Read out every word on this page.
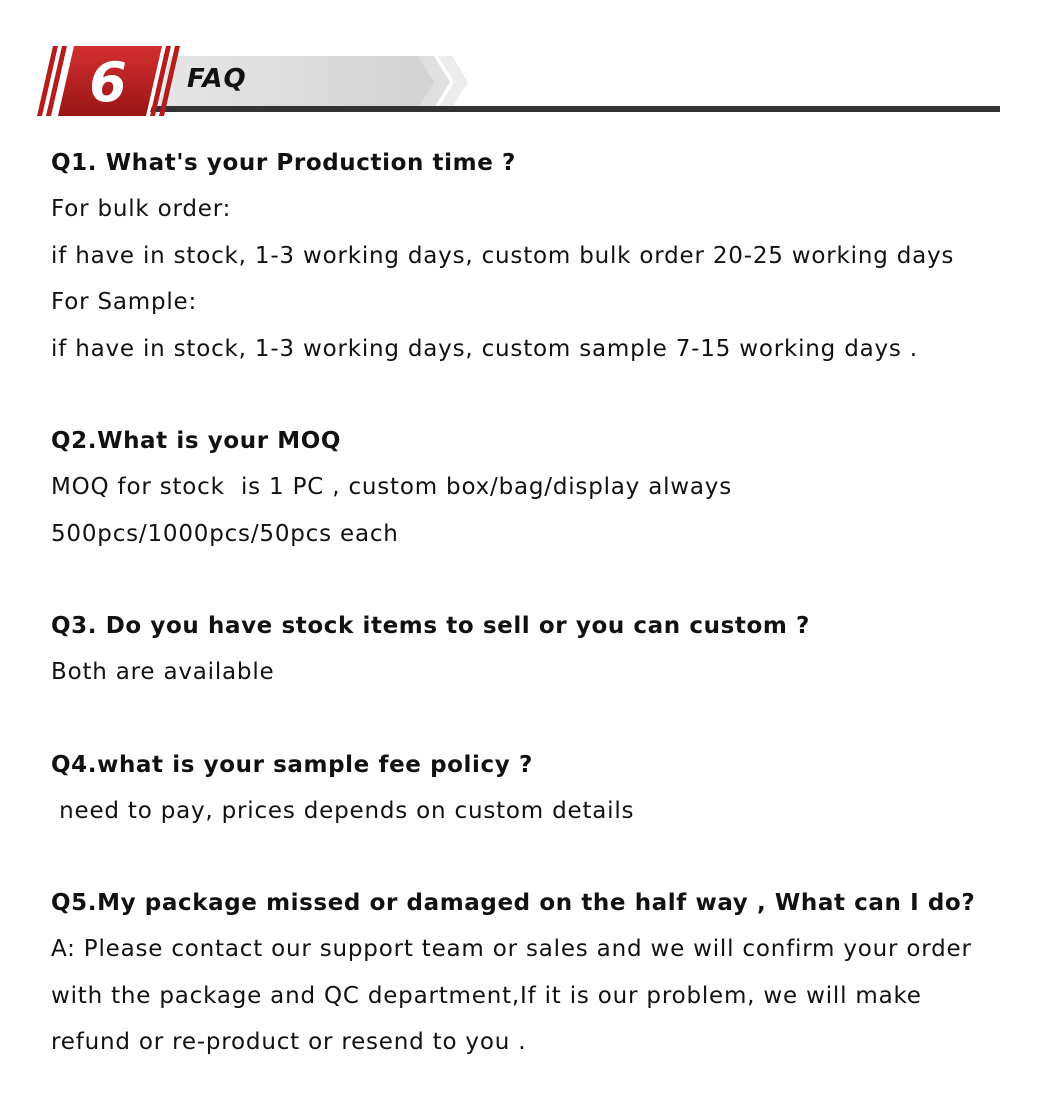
6 FAQ

Q1. What's your Production time ?

For bulk order:

if have in stock, 1-3 working days, custom bulk order 20-25 working days

For Sample:

if have in stock, 1-3 working days, custom sample 7-15 working days .

Q2.What is your MOQ

MOQ for stock  is 1 PC , custom box/bag/display always

500pcs/1000pcs/50pcs each

Q3. Do you have stock items to sell or you can custom ?

Both are available

Q4.what is your sample fee policy ?

need to pay, prices depends on custom details

Q5.My package missed or damaged on the half way , What can I do?

A: Please contact our support team or sales and we will confirm your order

with the package and QC department,If it is our problem, we will make

refund or re-product or resend to you .
